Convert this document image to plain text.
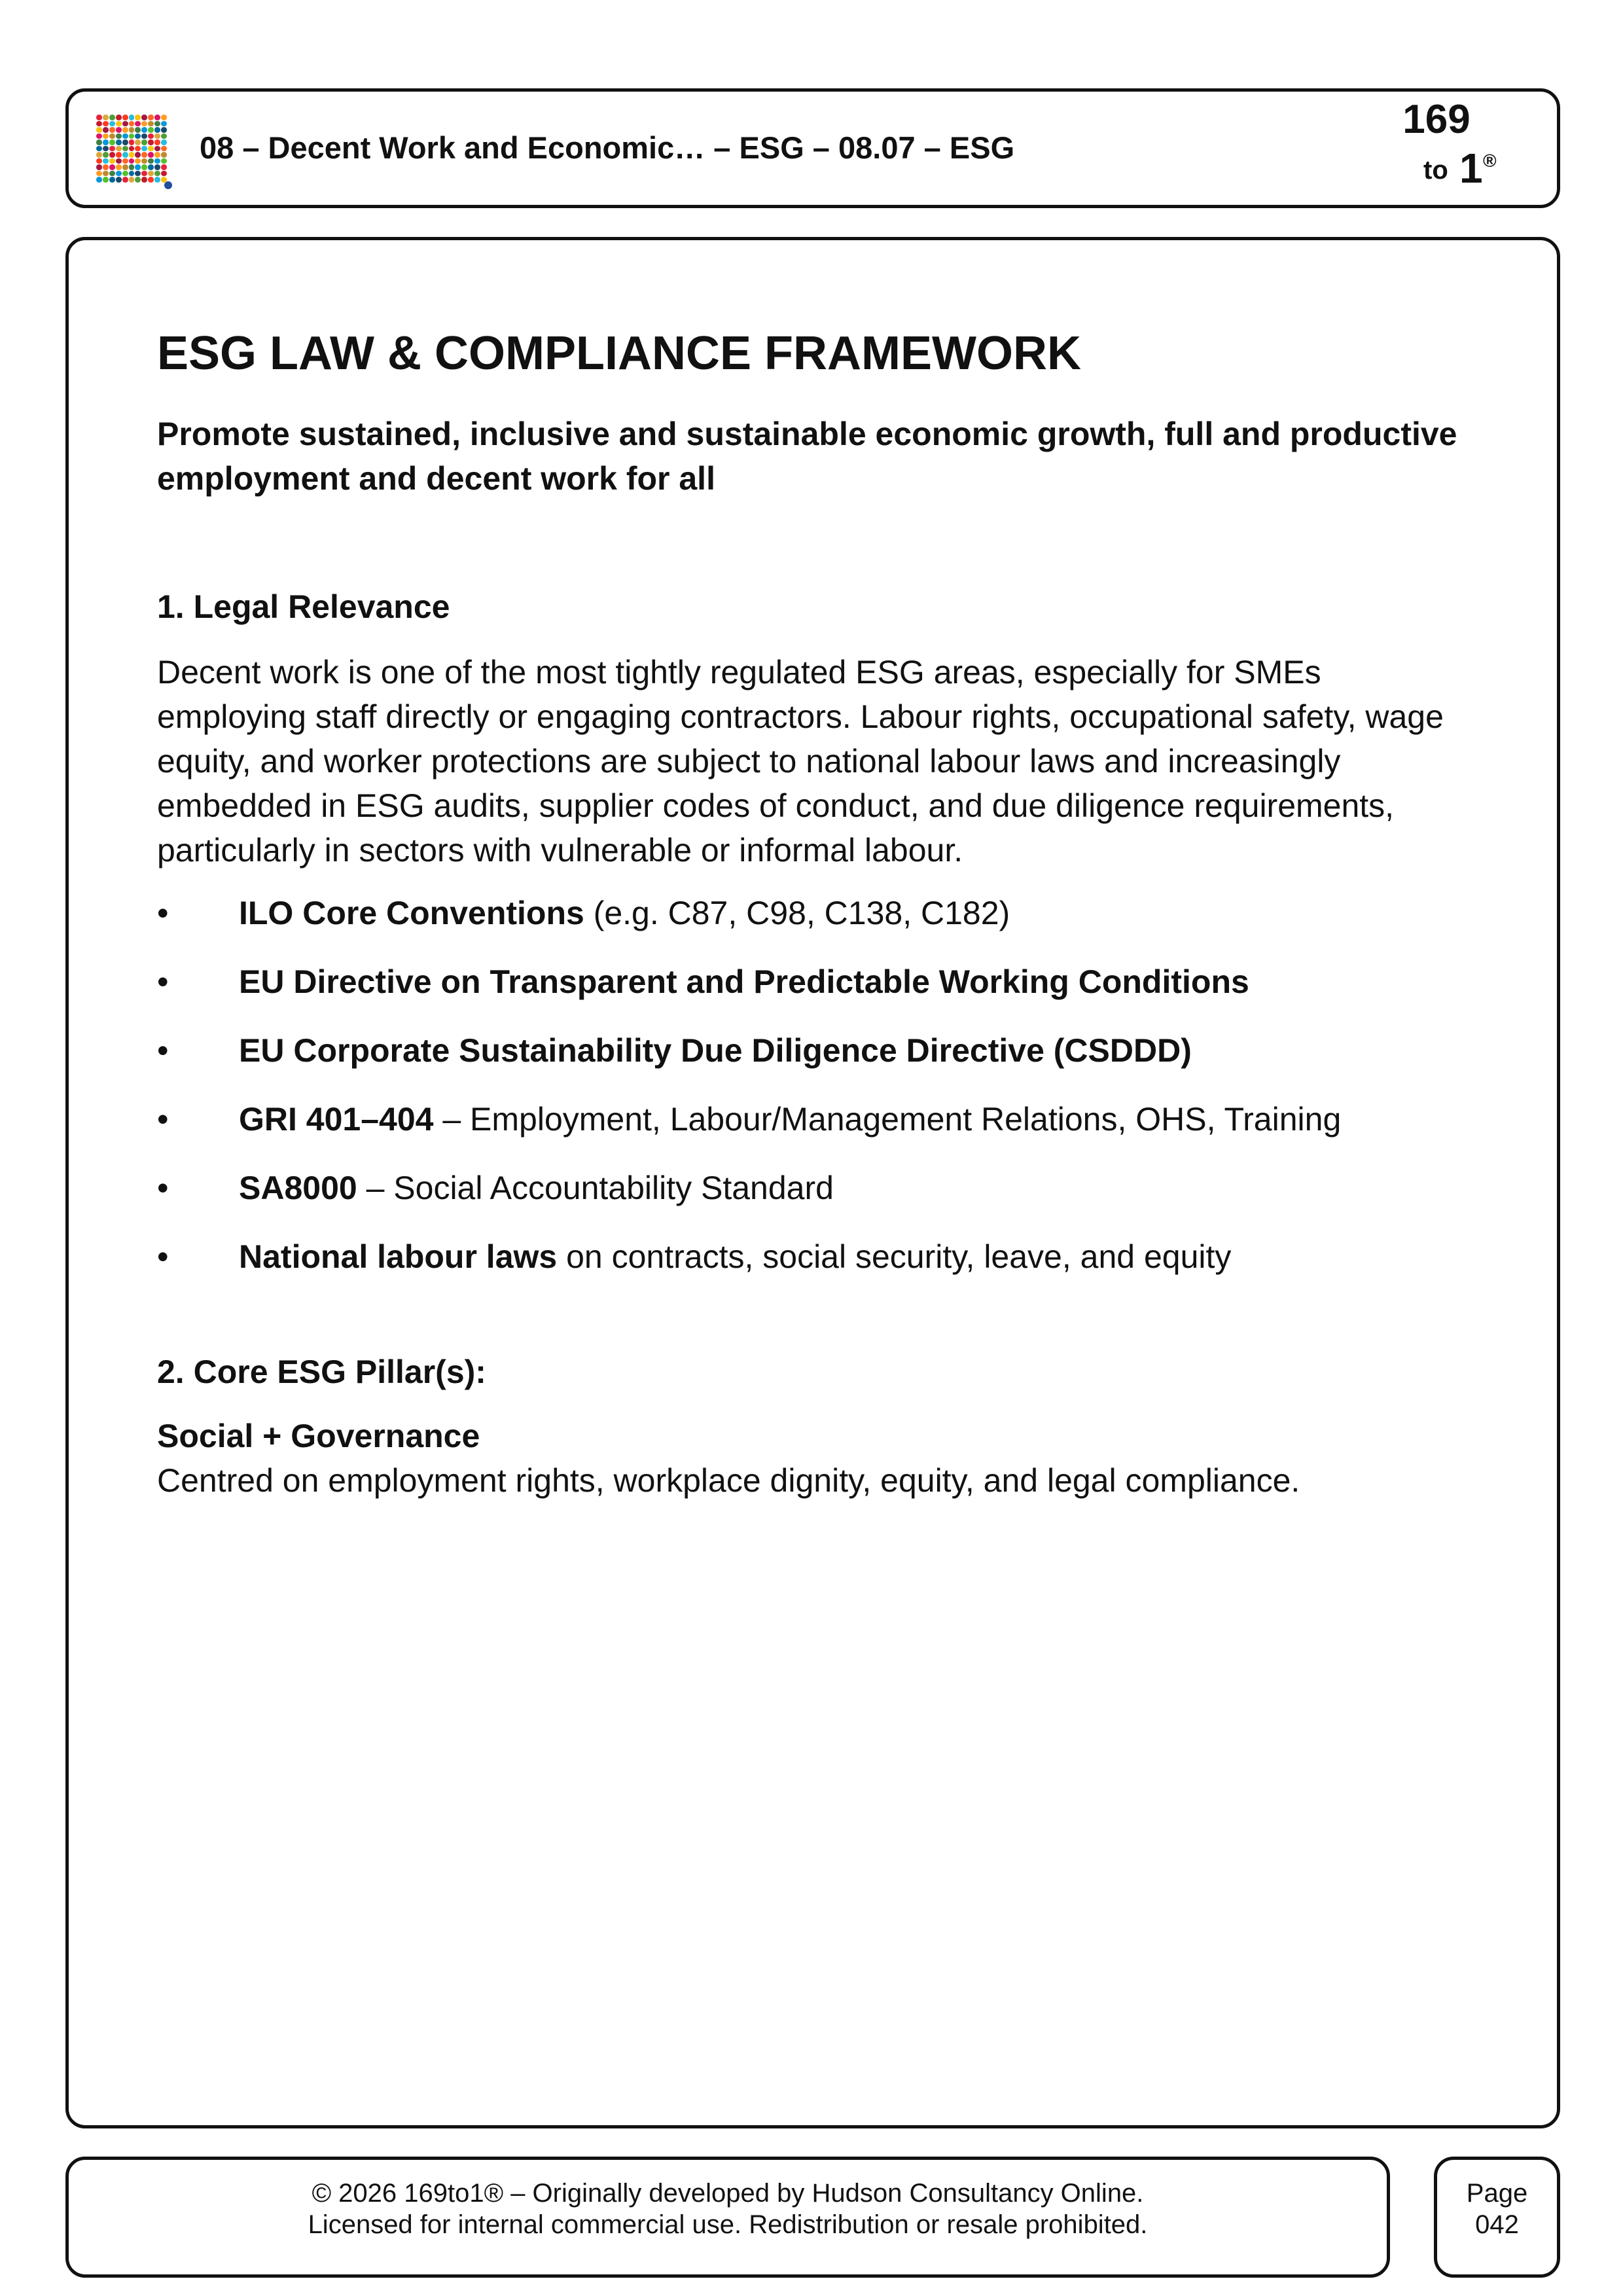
08 – Decent Work and Economic… – ESG – 08.07 – ESG
169
to 1 ®
ESG LAW & COMPLIANCE FRAMEWORK

Promote sustained, inclusive and sustainable economic growth, full and productive employment and decent work for all

1. Legal Relevance

Decent work is one of the most tightly regulated ESG areas, especially for SMEs employing staff directly or engaging contractors. Labour rights, occupational safety, wage equity, and worker protections are subject to national labour laws and increasingly embedded in ESG audits, supplier codes of conduct, and due diligence requirements, particularly in sectors with vulnerable or informal labour.

• ILO Core Conventions (e.g. C87, C98, C138, C182)
• EU Directive on Transparent and Predictable Working Conditions
• EU Corporate Sustainability Due Diligence Directive (CSDDD)
• GRI 401–404 – Employment, Labour/Management Relations, OHS, Training
• SA8000 – Social Accountability Standard
• National labour laws on contracts, social security, leave, and equity

2. Core ESG Pillar(s):

Social + Governance

Centred on employment rights, workplace dignity, equity, and legal compliance.

© 2026 169to1® – Originally developed by Hudson Consultancy Online.
Licensed for internal commercial use. Redistribution or resale prohibited.
Page
042
